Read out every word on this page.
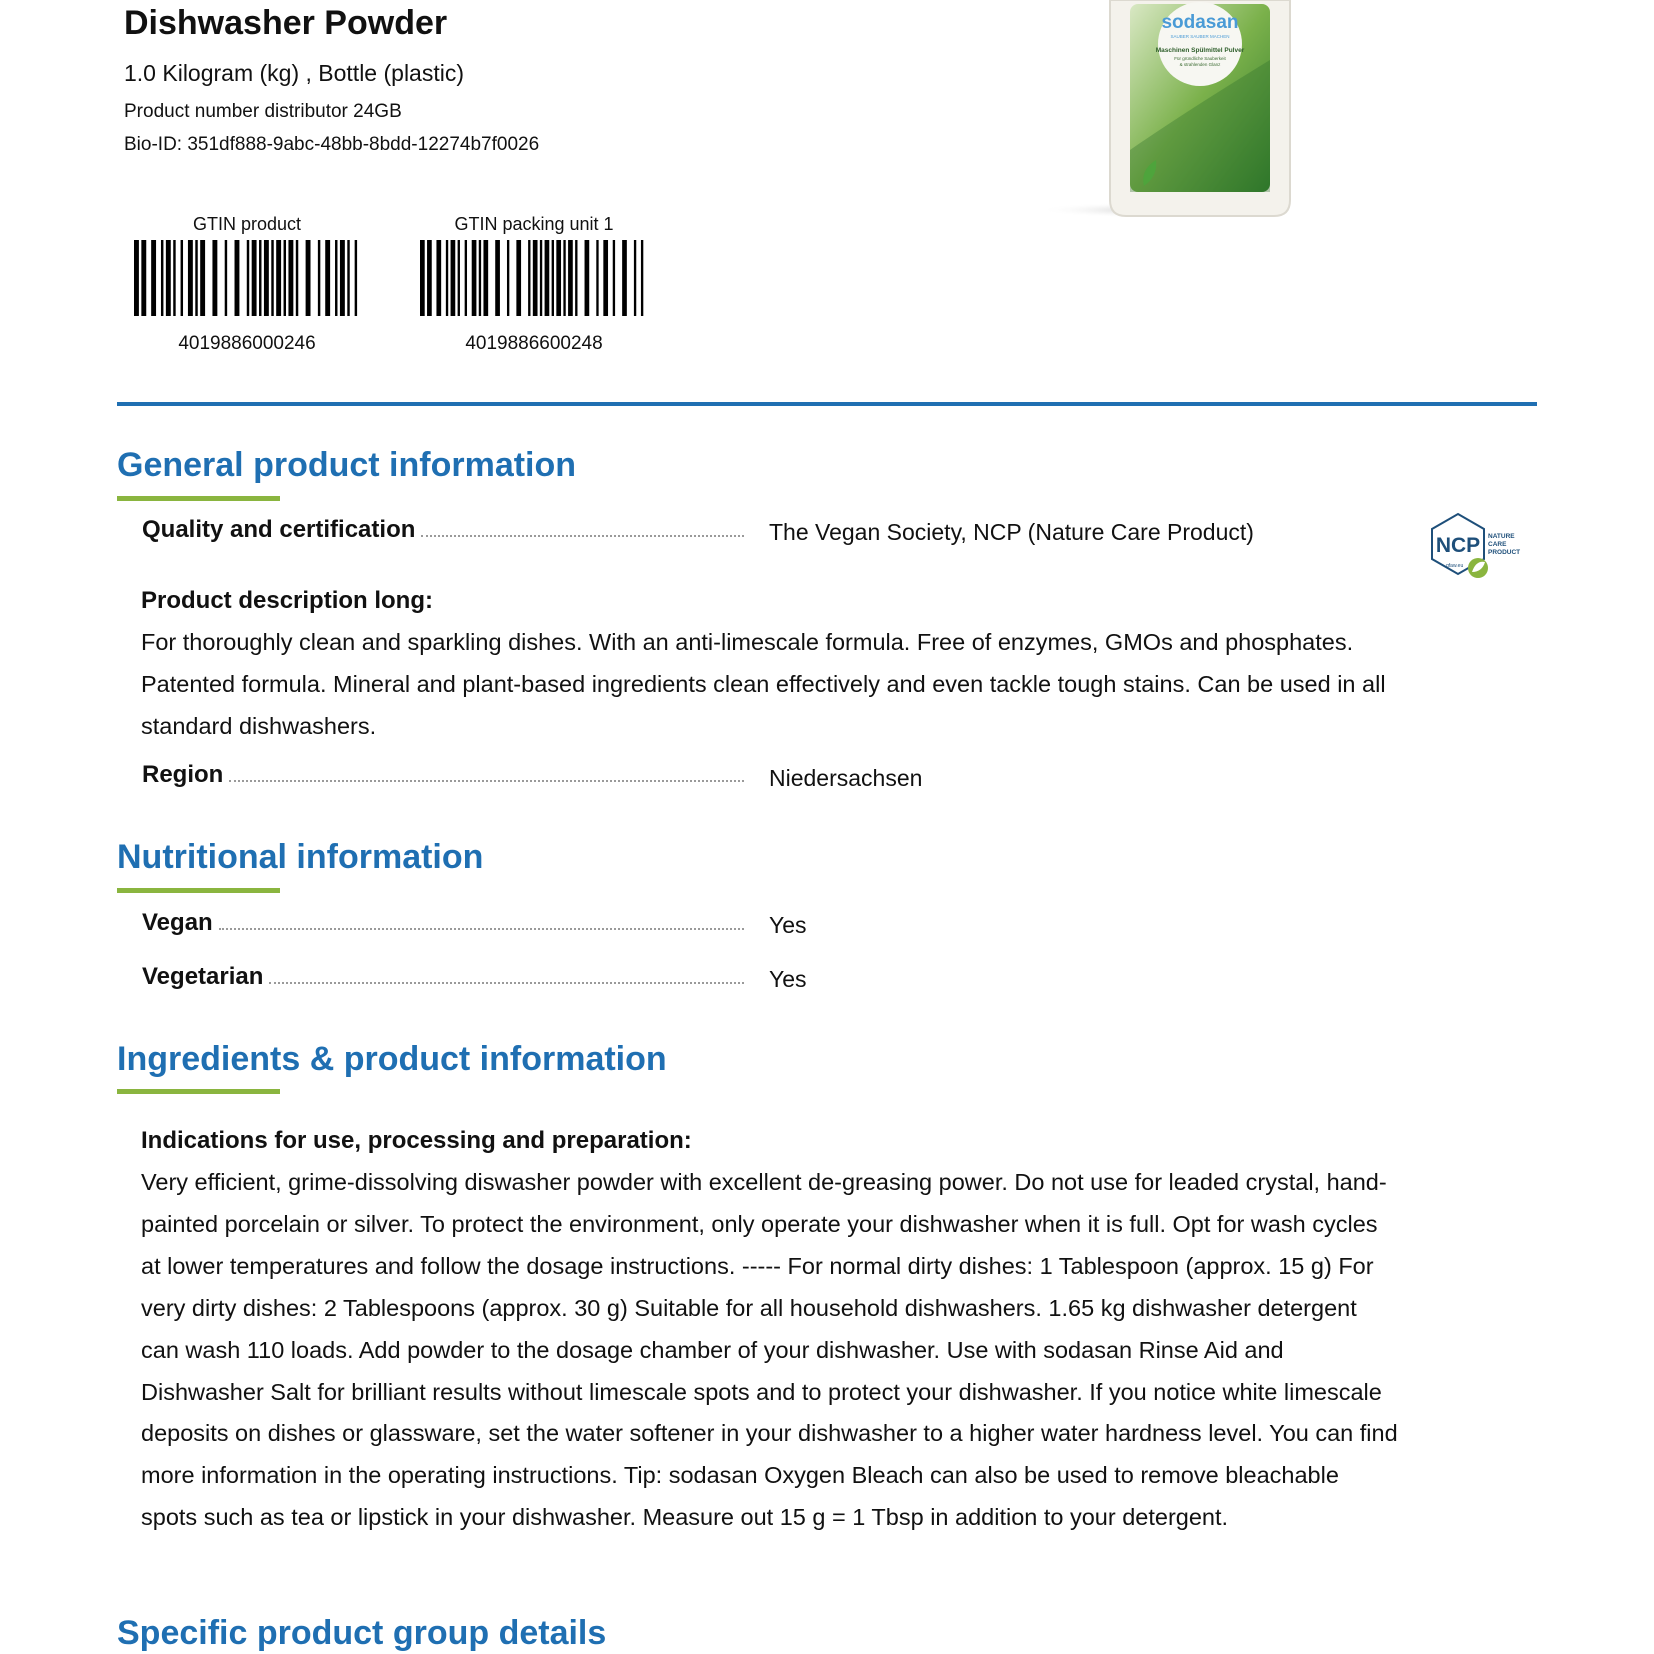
Dishwasher Powder
1.0 Kilogram (kg) , Bottle (plastic)
Product number distributor 24GB
Bio-ID: 351df888-9abc-48bb-8bdd-12274b7f0026
GTIN product
4019886000246
GTIN packing unit 1
4019886600248
sodasan
SAUBER SAUBER MACHEN
Maschinen Spülmittel Pulver
Für gründliche Sauberkeit
& strahlenden Glanz
General product information
Quality and certification	The Vegan Society, NCP (Nature Care Product)
NCP NATURE
CARE
PRODUCT
gfaw.eu
Product description long:
For thoroughly clean and sparkling dishes. With an anti-limescale formula. Free of enzymes, GMOs and phosphates. Patented formula. Mineral and plant-based ingredients clean effectively and even tackle tough stains. Can be used in all standard dishwashers.
Region	Niedersachsen
Nutritional information
Vegan	Yes
Vegetarian	Yes
Ingredients & product information
Indications for use, processing and preparation:
Very efficient, grime-dissolving diswasher powder with excellent de-greasing power. Do not use for leaded crystal, hand-painted porcelain or silver. To protect the environment, only operate your dishwasher when it is full. Opt for wash cycles at lower temperatures and follow the dosage instructions. ----- For normal dirty dishes: 1 Tablespoon (approx. 15 g) For very dirty dishes: 2 Tablespoons (approx. 30 g) Suitable for all household dishwashers. 1.65 kg dishwasher detergent can wash 110 loads. Add powder to the dosage chamber of your dishwasher. Use with sodasan Rinse Aid and Dishwasher Salt for brilliant results without limescale spots and to protect your dishwasher. If you notice white limescale deposits on dishes or glassware, set the water softener in your dishwasher to a higher water hardness level. You can find more information in the operating instructions. Tip: sodasan Oxygen Bleach can also be used to remove bleachable spots such as tea or lipstick in your dishwasher. Measure out 15 g = 1 Tbsp in addition to your detergent.
Specific product group details
